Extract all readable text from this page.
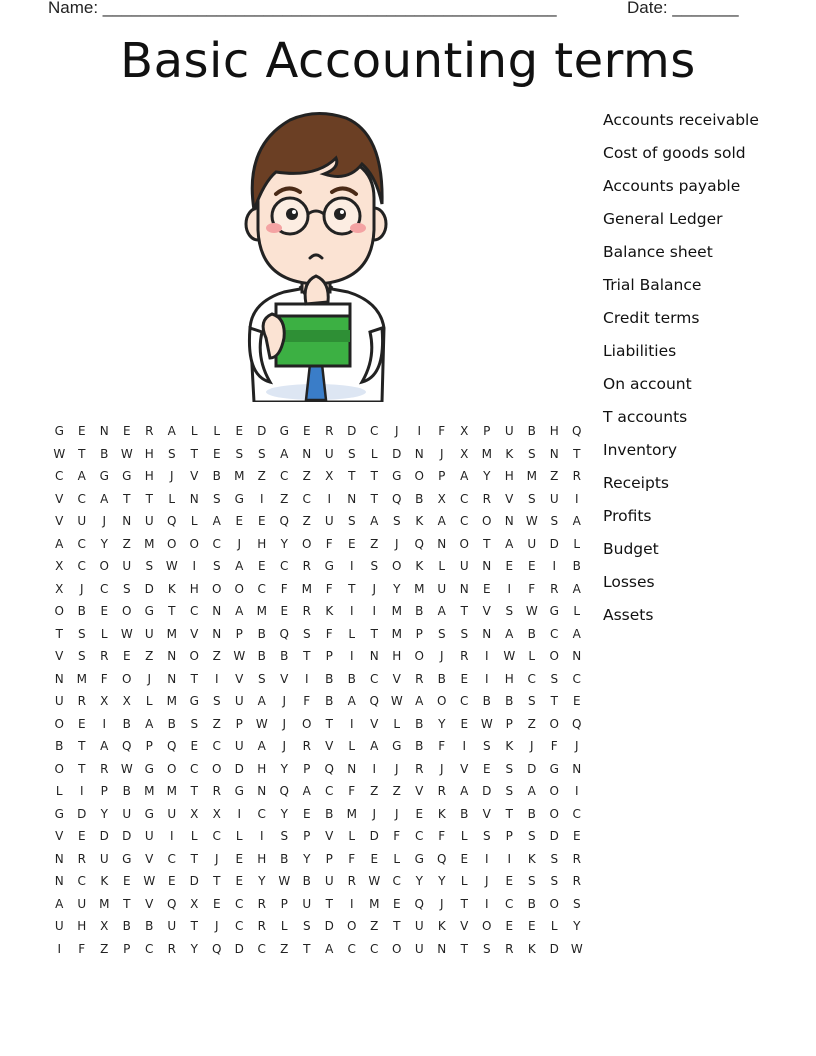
Name: ________________________________________________	Date: _______
Basic Accounting terms
G	E	N	E	R	A	L	L	E	D	G	E	R	D	C	J	I	F	X	P	U	B	H	Q
W	T	B	W	H	S	T	E	S	S	A	N	U	S	L	D	N	J	X	M	K	S	N	T
C	A	G	G	H	J	V	B	M	Z	C	Z	X	T	T	G	O	P	A	Y	H	M	Z	R
V	C	A	T	T	L	N	S	G	I	Z	C	I	N	T	Q	B	X	C	R	V	S	U	I
V	U	J	N	U	Q	L	A	E	E	Q	Z	U	S	A	S	K	A	C	O	N	W	S	A
A	C	Y	Z	M	O	O	C	J	H	Y	O	F	E	Z	J	Q	N	O	T	A	U	D	L
X	C	O	U	S	W	I	S	A	E	C	R	G	I	S	O	K	L	U	N	E	E	I	B
X	J	C	S	D	K	H	O	O	C	F	M	F	T	J	Y	M	U	N	E	I	F	R	A
O	B	E	O	G	T	C	N	A	M	E	R	K	I	I	M	B	A	T	V	S	W G	L
T	S	L	W	U	M	V	N	P	B	Q	S	F	L	T	M	P	S	S	N	A	B	C	A
V	S	R	E	Z	N	O	Z	W	B	B	T	P	I	N	H	O	J	R	I	W	L	O	N
N	M	F	O	J	N	T	I	V	S	V	I	B	B	C	V	R	B	E	I	H	C	S	C
U	R	X	X	L	M	G	S	U	A	J	F	B	A	Q W	A	O	C	B	B	S	T	E
O	E	I	B	A	B	S	Z	P	W	J	O	T	I	V	L	B	Y	E	W	P	Z	O	Q
B	T	A	Q	P	Q	E	C	U	A	J	R	V	L	A	G	B	F	I	S	K	J	F	J
O	T	R	W G	O	C	O	D	H	Y	P	Q	N	I	J	R	J	V	E	S	D	G	N
L	I	P	B	M	M	T	R	G	N	Q	A	C	F	Z	Z	V	R	A	D	S	A	O	I
G	D	Y	U	G	U	X	X	I	C	Y	E	B	M	J	J	E	K	B	V	T	B	O	C
V	E	D	D	U	I	L	C	L	I	S	P	V	L	D	F	C	F	L	S	P	S	D	E
N	R	U	G	V	C	T	J	E	H	B	Y	P	F	E	L	G	Q	E	I	I	K	S	R
N	C	K	E	W	E	D	T	E	Y	W	B	U	R	W	C	Y	Y	L	J	E	S	S	R
A	U	M	T	V	Q	X	E	C	R	P	U	T	I	M	E	Q	J	T	I	C	B	O	S
U	H	X	B	B	U	T	J	C	R	L	S	D	O	Z	T	U	K	V	O	E	E	L	Y
I	F	Z	P	C	R	Y	Q	D	C	Z	T	A	C	C	O	U	N	T	S	R	K	D W
Accounts receivable
Cost of goods sold
Accounts payable
General Ledger
Balance sheet
Trial Balance
Credit terms
Liabilities
On account
T accounts
Inventory
Receipts
Profits
Budget
Losses
Assets
